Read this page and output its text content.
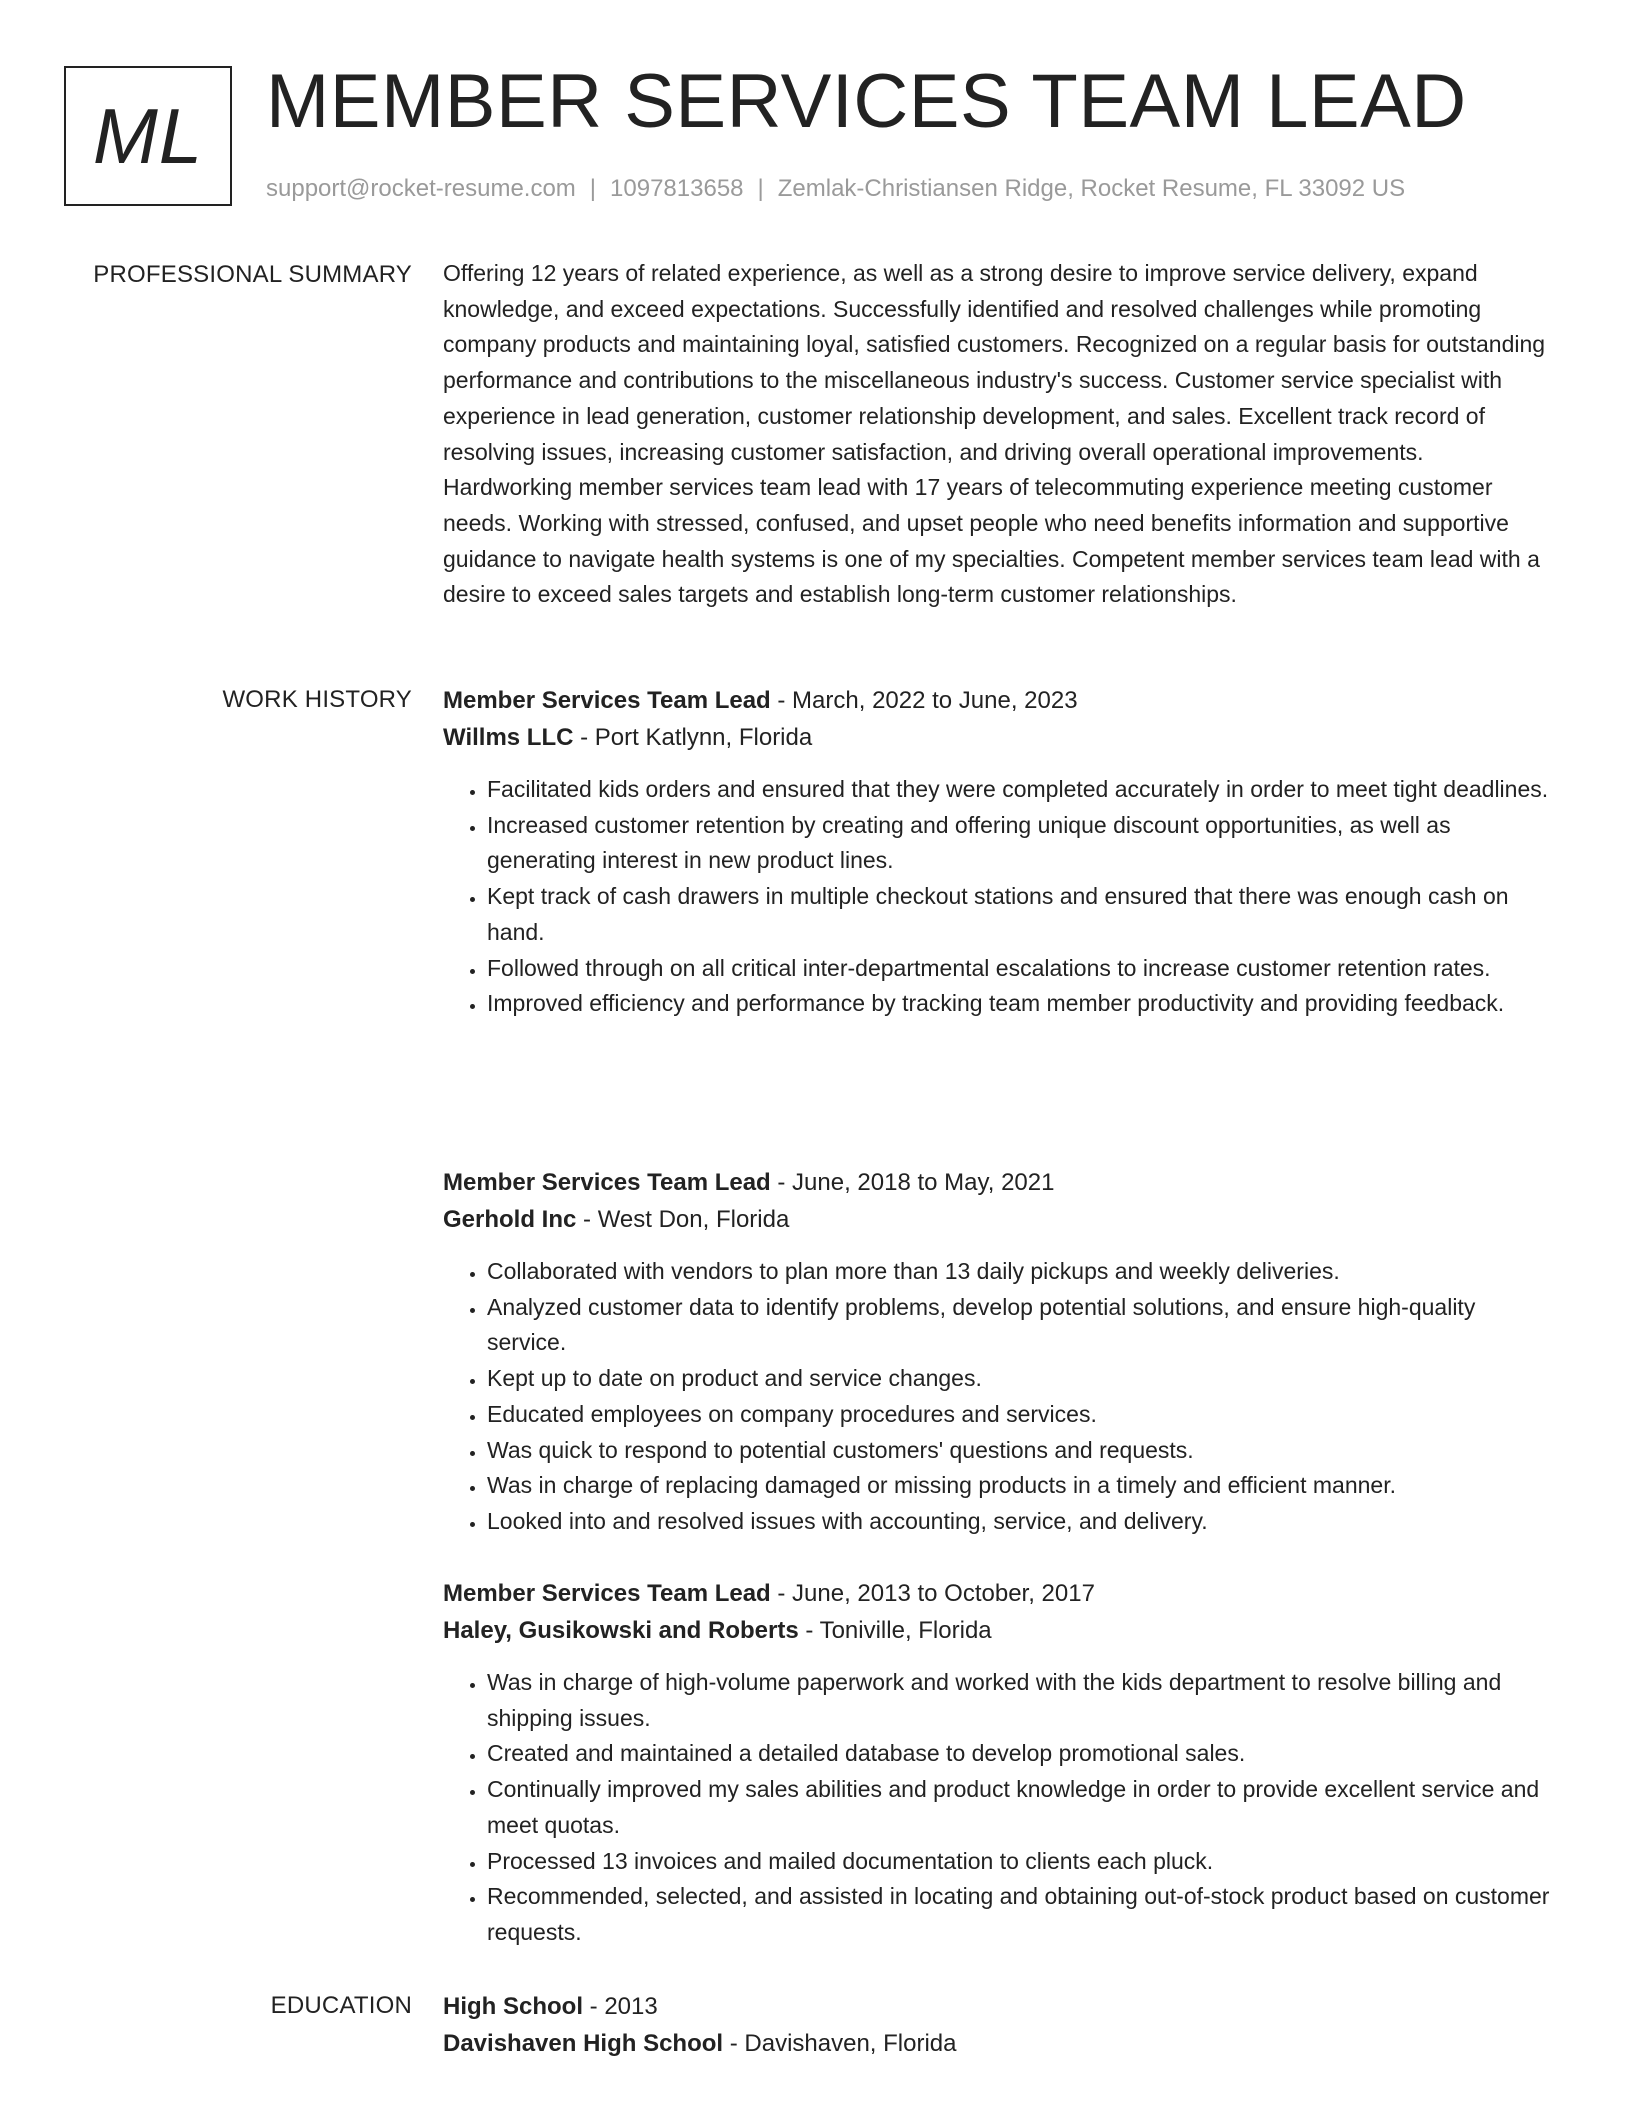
ML MEMBER SERVICES TEAM LEAD
support@rocket-resume.com | 1097813658 | Zemlak-Christiansen Ridge, Rocket Resume, FL 33092 US
PROFESSIONAL SUMMARY Offering 12 years of related experience, as well as a strong desire to improve service delivery, expand knowledge, and exceed expectations. Successfully identified and resolved challenges while promoting company products and maintaining loyal, satisfied customers. Recognized on a regular basis for outstanding performance and contributions to the miscellaneous industry's success. Customer service specialist with experience in lead generation, customer relationship development, and sales. Excellent track record of resolving issues, increasing customer satisfaction, and driving overall operational improvements. Hardworking member services team lead with 17 years of telecommuting experience meeting customer needs. Working with stressed, confused, and upset people who need benefits information and supportive guidance to navigate health systems is one of my specialties. Competent member services team lead with a desire to exceed sales targets and establish long-term customer relationships.

WORK HISTORY Member Services Team Lead - March, 2022 to June, 2023
Willms LLC - Port Katlynn, Florida
• Facilitated kids orders and ensured that they were completed accurately in order to meet tight deadlines.
• Increased customer retention by creating and offering unique discount opportunities, as well as generating interest in new product lines.
• Kept track of cash drawers in multiple checkout stations and ensured that there was enough cash on hand.
• Followed through on all critical inter-departmental escalations to increase customer retention rates.
• Improved efficiency and performance by tracking team member productivity and providing feedback.
Member Services Team Lead - June, 2018 to May, 2021
Gerhold Inc - West Don, Florida
• Collaborated with vendors to plan more than 13 daily pickups and weekly deliveries.
• Analyzed customer data to identify problems, develop potential solutions, and ensure high-quality service.
• Kept up to date on product and service changes.
• Educated employees on company procedures and services.
• Was quick to respond to potential customers' questions and requests.
• Was in charge of replacing damaged or missing products in a timely and efficient manner.
• Looked into and resolved issues with accounting, service, and delivery.
Member Services Team Lead - June, 2013 to October, 2017
Haley, Gusikowski and Roberts - Toniville, Florida
• Was in charge of high-volume paperwork and worked with the kids department to resolve billing and shipping issues.
• Created and maintained a detailed database to develop promotional sales.
• Continually improved my sales abilities and product knowledge in order to provide excellent service and meet quotas.
• Processed 13 invoices and mailed documentation to clients each pluck.
• Recommended, selected, and assisted in locating and obtaining out-of-stock product based on customer requests.
EDUCATION High School - 2013
Davishaven High School - Davishaven, Florida
